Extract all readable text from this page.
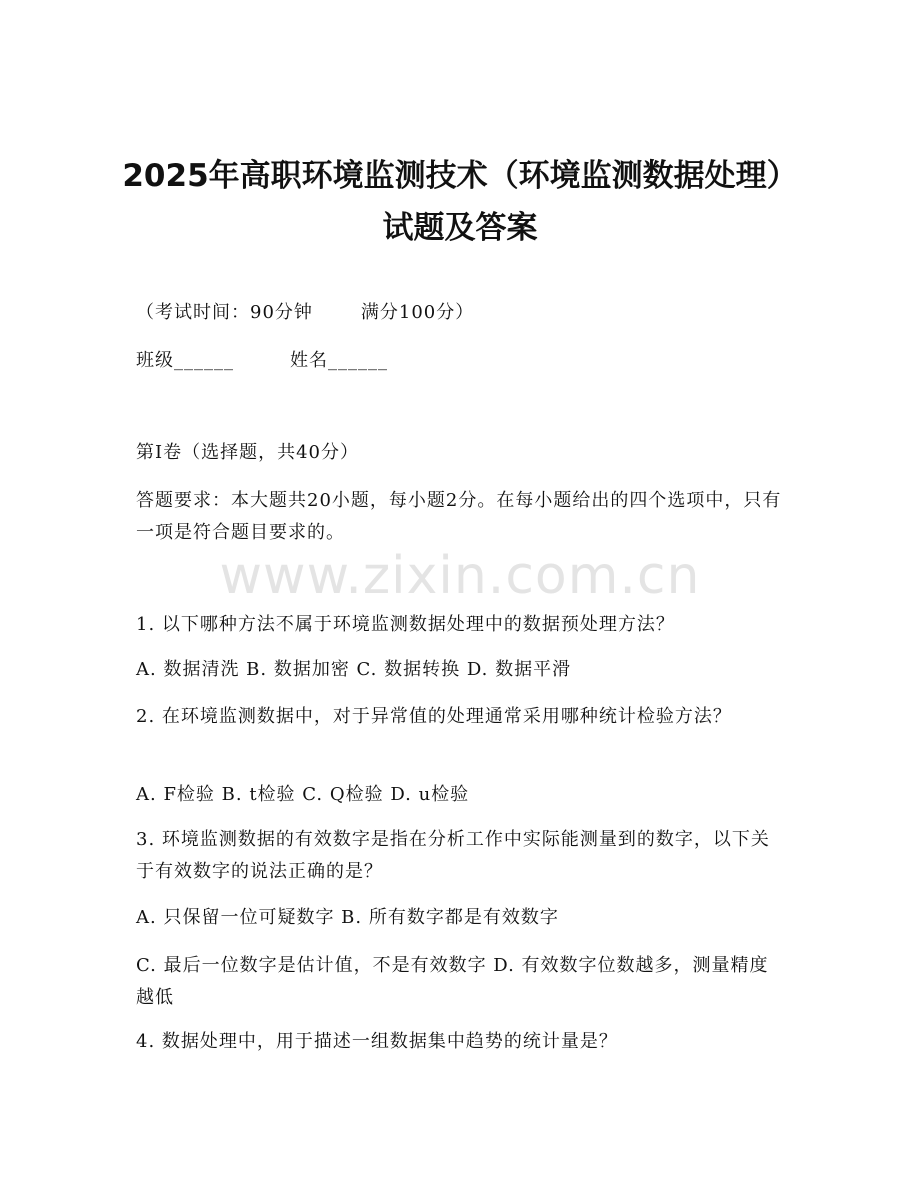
2025年高职环境监测技术（环境监测数据处理）试题及答案
（考试时间：90分钟	满分100分）
班级______	姓名______
第I卷（选择题，共40分）
答题要求：本大题共20小题，每小题2分。在每小题给出的四个选项中，只有一项是符合题目要求的。
www.zixin.com.cn
1. 以下哪种方法不属于环境监测数据处理中的数据预处理方法？
A. 数据清洗 B. 数据加密 C. 数据转换 D. 数据平滑
2. 在环境监测数据中，对于异常值的处理通常采用哪种统计检验方法？
A. F检验 B. t检验 C. Q检验 D. u检验
3. 环境监测数据的有效数字是指在分析工作中实际能测量到的数字，以下关于有效数字的说法正确的是？
A. 只保留一位可疑数字 B. 所有数字都是有效数字
C. 最后一位数字是估计值，不是有效数字 D. 有效数字位数越多，测量精度越低
4. 数据处理中，用于描述一组数据集中趋势的统计量是？
